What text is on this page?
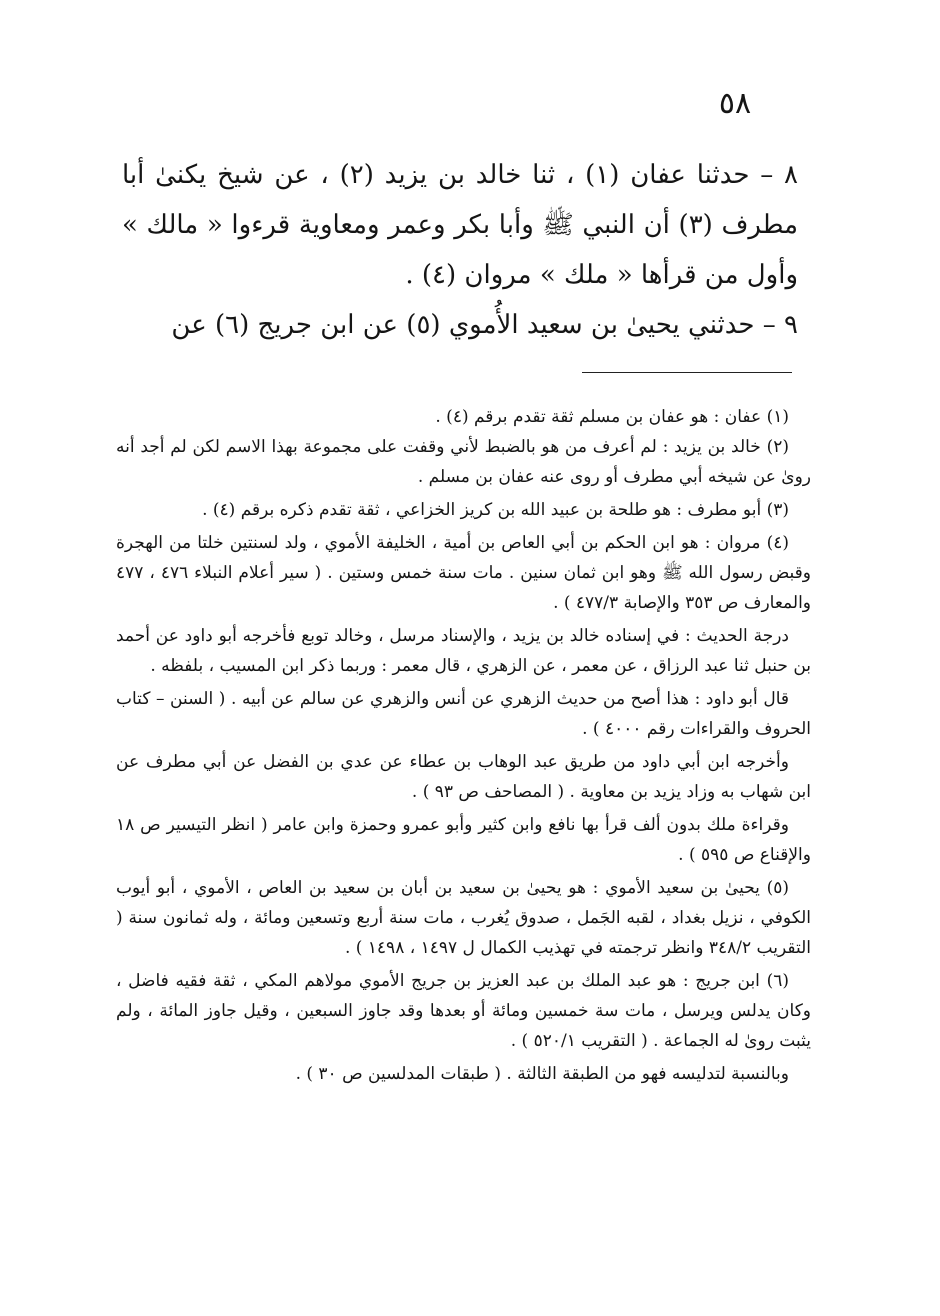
٥٨

٨ – حدثنا عفان (١) ، ثنا خالد بن يزيد (٢) ، عن شيخ يكنىٰ أبا مطرف (٣) أن النبي ﷺ وأبا بكر وعمر ومعاوية قرءوا « مالك » وأول من قرأها « ملك » مروان (٤) .

٩ – حدثني يحيىٰ بن سعيد الأُموي (٥) عن ابن جريج (٦) عن

(١) عفان : هو عفان بن مسلم ثقة تقدم برقم (٤) .

(٢) خالد بن يزيد : لم أعرف من هو بالضبط لأني وقفت على مجموعة بهذا الاسم لكن لم أجد أنه روىٰ عن شيخه أبي مطرف أو روى عنه عفان بن مسلم .

(٣) أبو مطرف : هو طلحة بن عبيد الله بن كريز الخزاعي ، ثقة تقدم ذكره برقم (٤) .

(٤) مروان : هو ابن الحكم بن أبي العاص بن أمية ، الخليفة الأموي ، ولد لسنتين خلتا من الهجرة وقبض رسول الله ﷺ وهو ابن ثمان سنين . مات سنة خمس وستين . ( سير أعلام النبلاء ٤٧٦ ، ٤٧٧ والمعارف ص ٣٥٣ والإصابة ٤٧٧/٣ ) .

درجة الحديث : في إسناده خالد بن يزيد ، والإسناد مرسل ، وخالد توبع فأخرجه أبو داود عن أحمد بن حنبل ثنا عبد الرزاق ، عن معمر ، عن الزهري ، قال معمر : وربما ذكر ابن المسيب ، بلفظه .

قال أبو داود : هذا أصح من حديث الزهري عن أنس والزهري عن سالم عن أبيه . ( السنن – كتاب الحروف والقراءات رقم ٤٠٠٠ ) .

وأخرجه ابن أبي داود من طريق عبد الوهاب بن عطاء عن عدي بن الفضل عن أبي مطرف عن ابن شهاب به وزاد يزيد بن معاوية . ( المصاحف ص ٩٣ ) .

وقراءة ملك بدون ألف قرأ بها نافع وابن كثير وأبو عمرو وحمزة وابن عامر ( انظر التيسير ص ١٨ والإقناع ص ٥٩٥ ) .

(٥) يحيىٰ بن سعيد الأموي : هو يحيىٰ بن سعيد بن أبان بن سعيد بن العاص ، الأموي ، أبو أيوب الكوفي ، نزيل بغداد ، لقبه الجَمل ، صدوق يُغرب ، مات سنة أربع وتسعين ومائة ، وله ثمانون سنة ( التقريب ٣٤٨/٢ وانظر ترجمته في تهذيب الكمال ل ١٤٩٧ ، ١٤٩٨ ) .

(٦) ابن جريج : هو عبد الملك بن عبد العزيز بن جريج الأموي مولاهم المكي ، ثقة فقيه فاضل ، وكان يدلس ويرسل ، مات سة خمسين ومائة أو بعدها وقد جاوز السبعين ، وقيل جاوز المائة ، ولم يثبت روىٰ له الجماعة . ( التقريب ٥٢٠/١ ) .

وبالنسبة لتدليسه فهو من الطبقة الثالثة . ( طبقات المدلسين ص ٣٠ ) .
